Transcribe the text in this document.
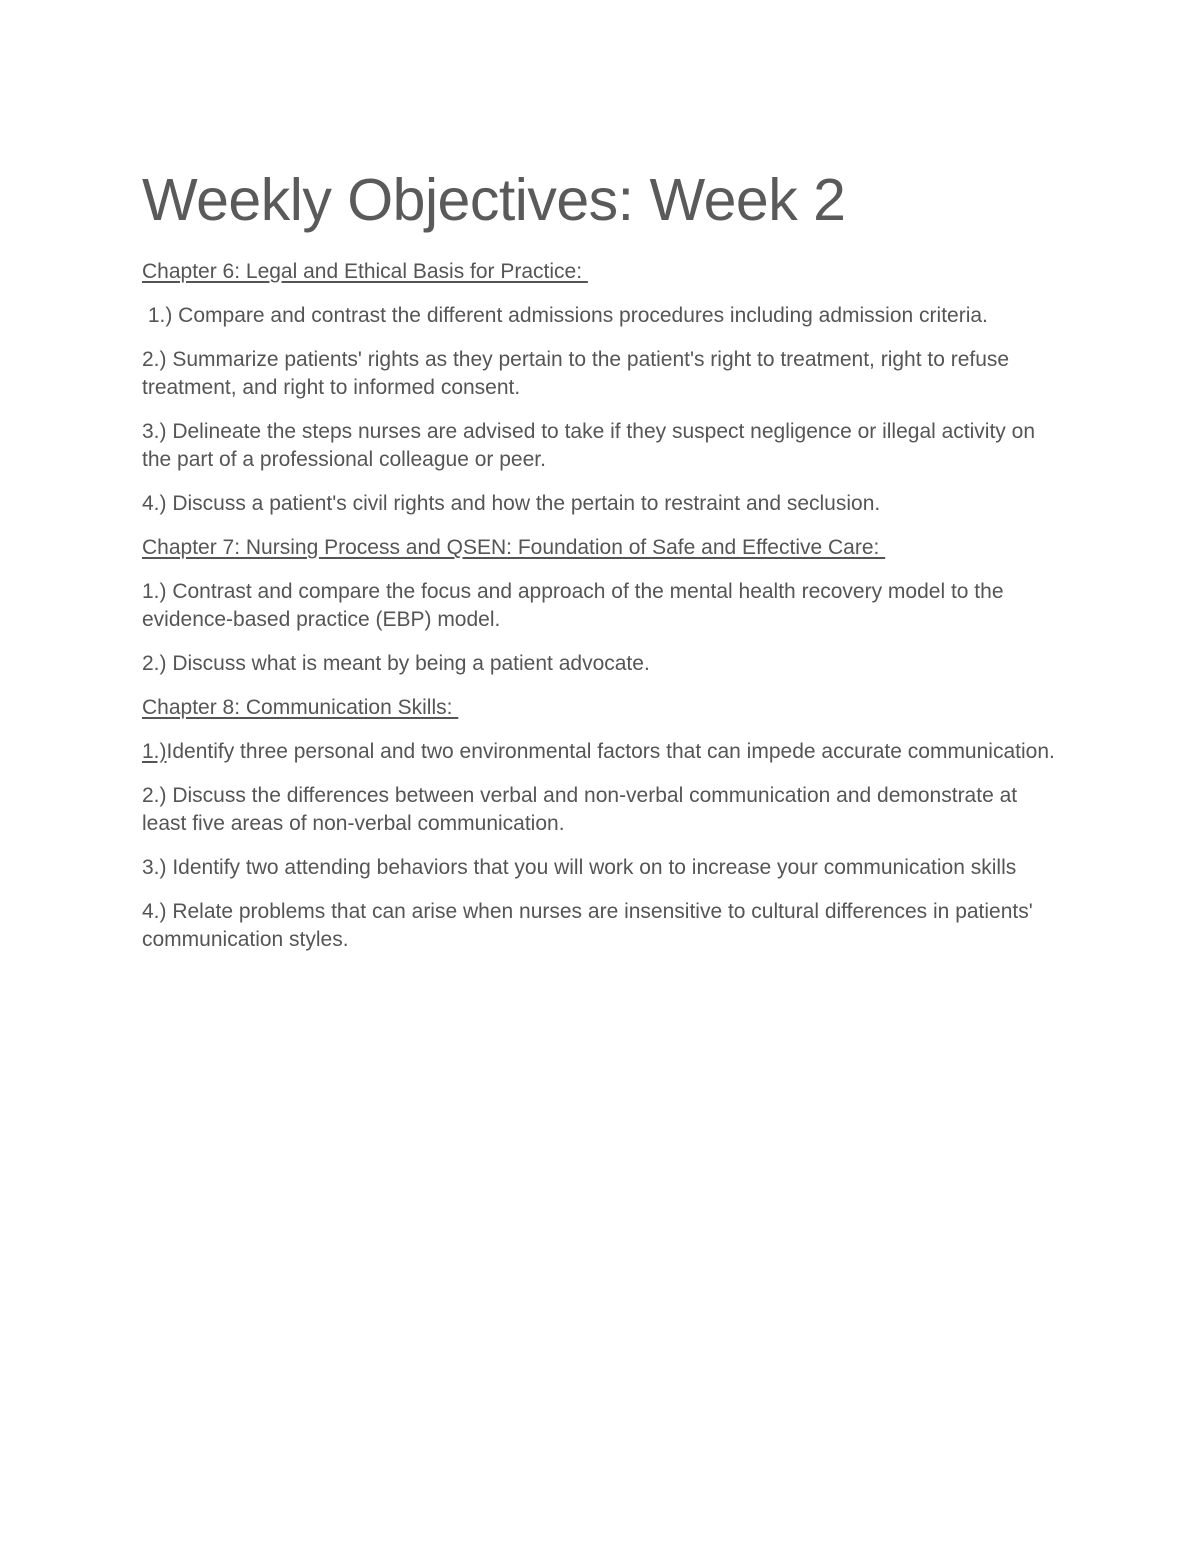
Weekly Objectives: Week 2

Chapter 6: Legal and Ethical Basis for Practice:

1.) Compare and contrast the different admissions procedures including admission criteria.

2.) Summarize patients' rights as they pertain to the patient's right to treatment, right to refuse treatment, and right to informed consent.

3.) Delineate the steps nurses are advised to take if they suspect negligence or illegal activity on the part of a professional colleague or peer.

4.) Discuss a patient's civil rights and how the pertain to restraint and seclusion.

Chapter 7: Nursing Process and QSEN: Foundation of Safe and Effective Care:

1.) Contrast and compare the focus and approach of the mental health recovery model to the evidence-based practice (EBP) model.

2.) Discuss what is meant by being a patient advocate.

Chapter 8: Communication Skills:

1.)Identify three personal and two environmental factors that can impede accurate communication.

2.) Discuss the differences between verbal and non-verbal communication and demonstrate at least five areas of non-verbal communication.

3.) Identify two attending behaviors that you will work on to increase your communication skills

4.) Relate problems that can arise when nurses are insensitive to cultural differences in patients' communication styles.
